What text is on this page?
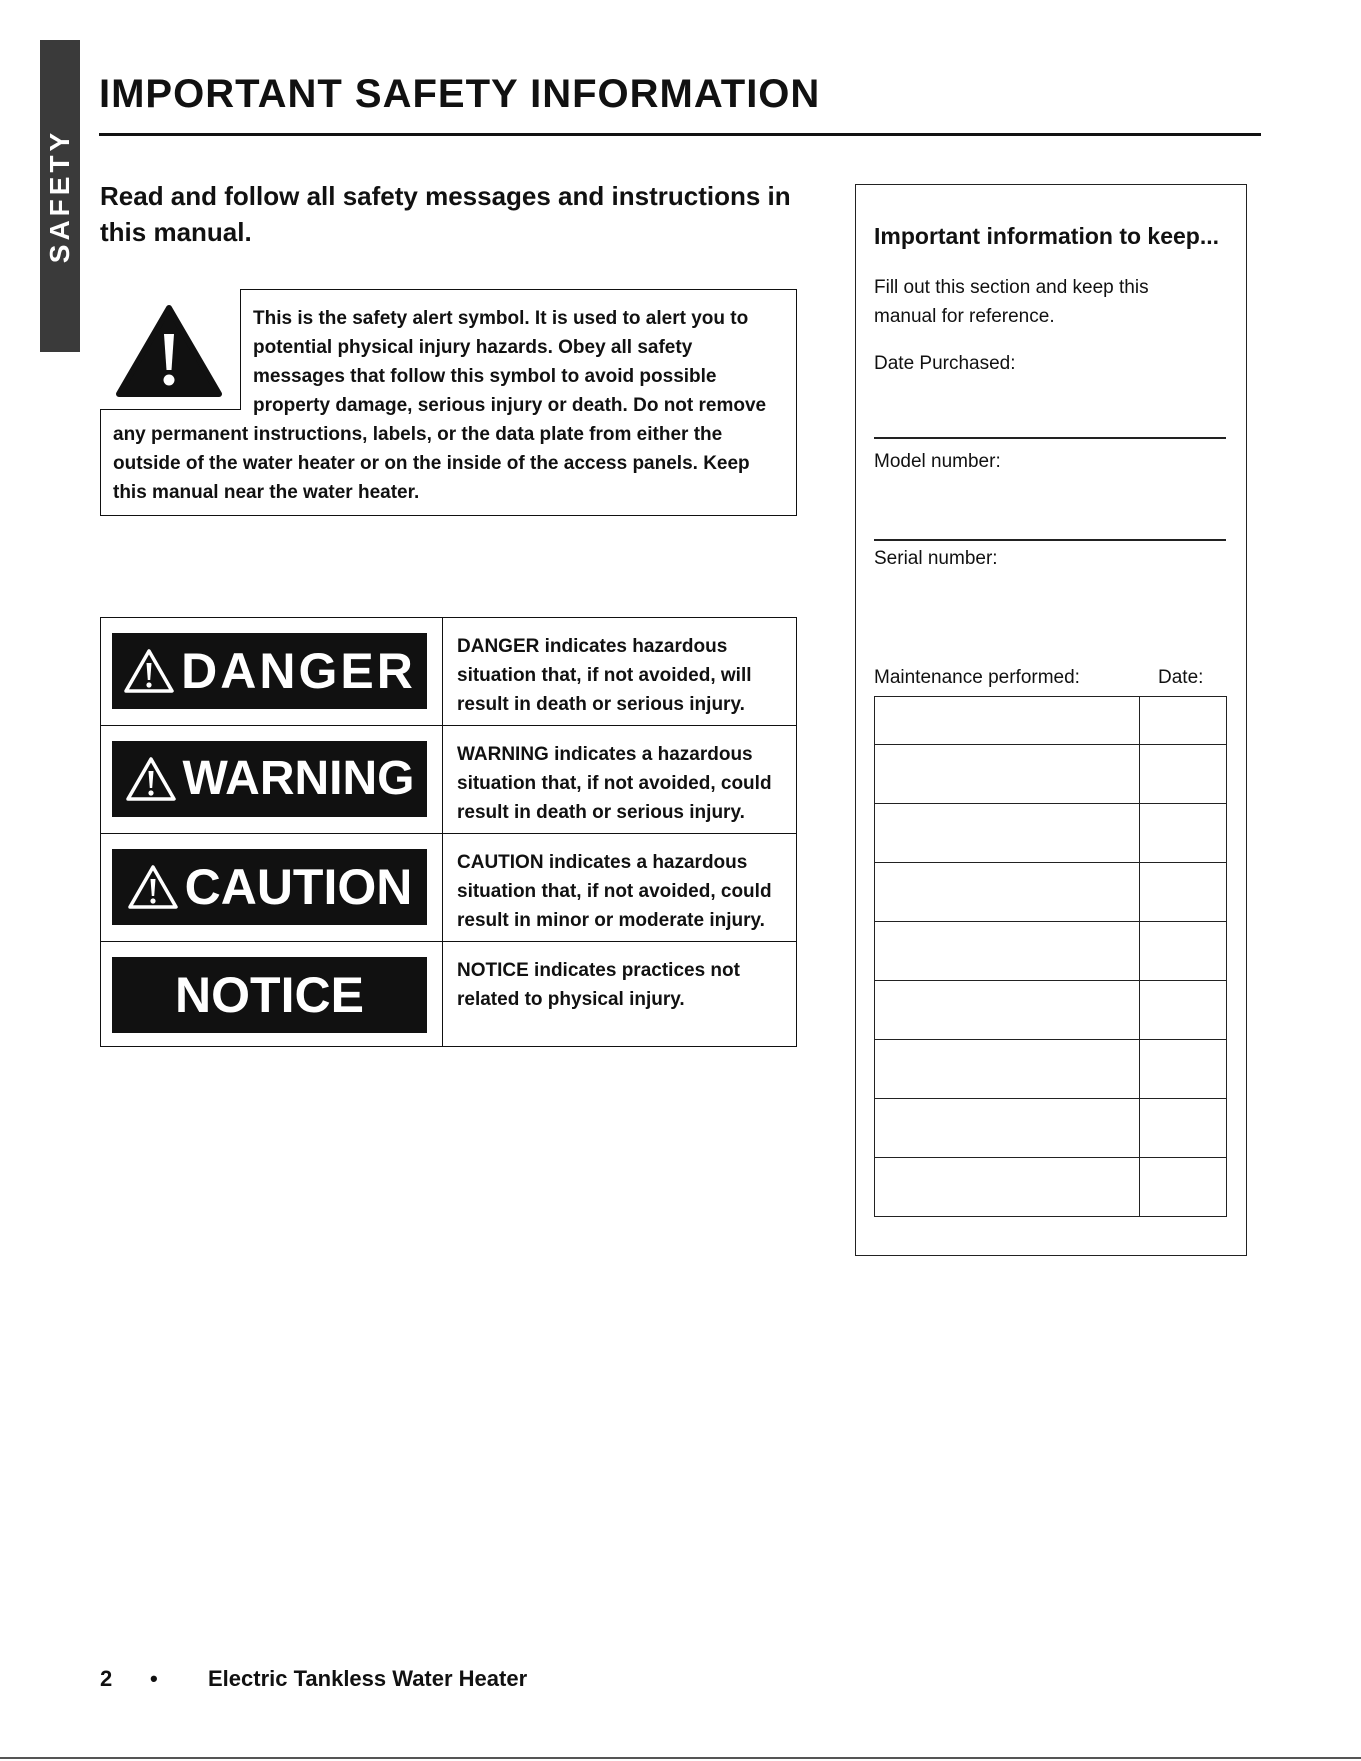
SAFETY
IMPORTANT SAFETY INFORMATION

Read and follow all safety messages and instructions in this manual.

This is the safety alert symbol. It is used to alert you to potential physical injury hazards. Obey all safety messages that follow this symbol to avoid possible property damage, serious injury or death. Do not remove any permanent instructions, labels, or the data plate from either the outside of the water heater or on the inside of the access panels. Keep this manual near the water heater.
DANGER DANGER indicates hazardous situation that, if not avoided, will result in death or serious injury.
WARNING WARNING indicates a hazardous situation that, if not avoided, could result in death or serious injury.
CAUTION CAUTION indicates a hazardous situation that, if not avoided, could result in minor or moderate injury.
NOTICE	NOTICE indicates practices not related to physical injury.
Important information to keep...
Fill out this section and keep this manual for reference.
Date Purchased:
Model number:
Serial number:
Maintenance performed:	Date:

2 • Electric Tankless Water Heater
